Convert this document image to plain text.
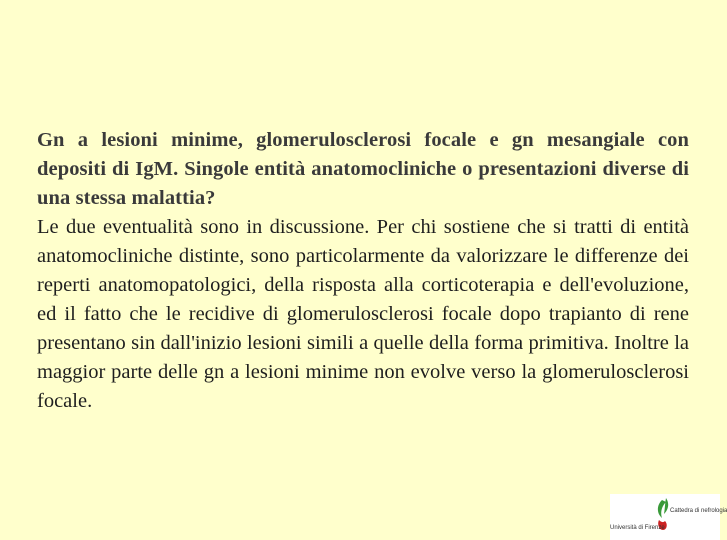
Gn a lesioni minime, glomerulosclerosi focale e gn mesangiale con depositi di IgM. Singole entità anatomocliniche o presentazioni diverse di una stessa malattia?

Le due eventualità sono in discussione. Per chi sostiene che si tratti di entità anatomocliniche distinte, sono particolarmente da valorizzare le differenze dei reperti anatomopatologici, della risposta alla corticoterapia e dell'evoluzione, ed il fatto che le recidive di glomerulosclerosi focale dopo trapianto di rene presentano sin dall'inizio lesioni simili a quelle della forma primitiva. Inoltre la maggior parte delle gn a lesioni minime non evolve verso la glomerulosclerosi focale.

Cattedra di nefrologia
Università di Firenze
